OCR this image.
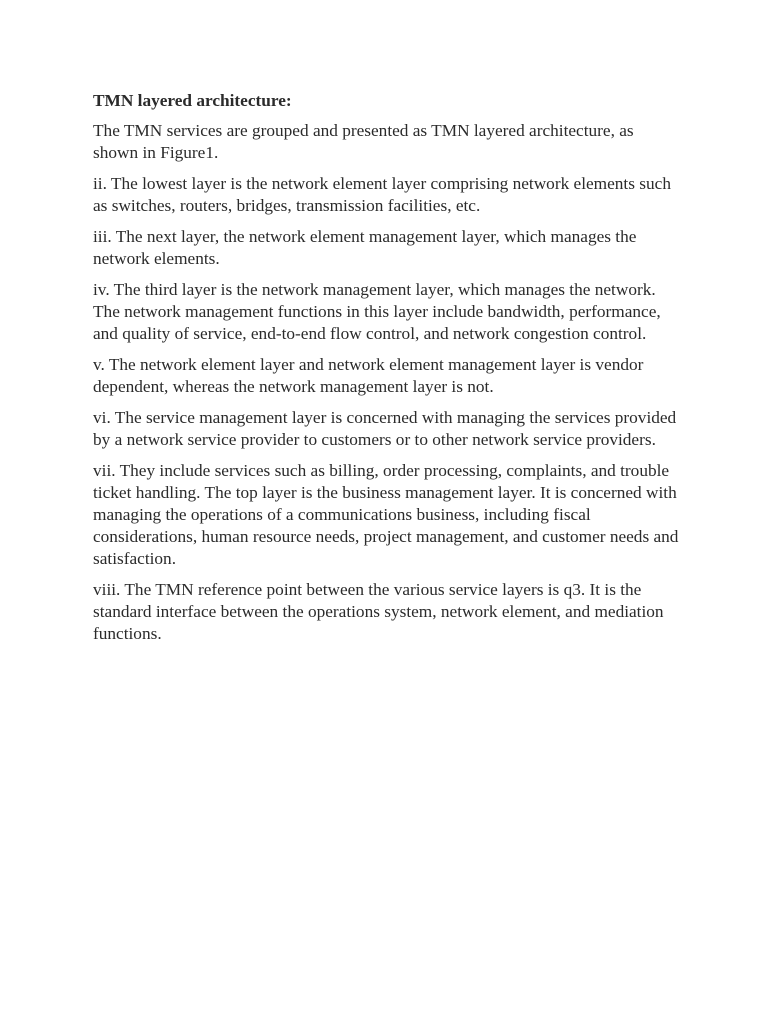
TMN layered architecture:

The TMN services are grouped and presented as TMN layered architecture, as shown in Figure1.

ii. The lowest layer is the network element layer comprising network elements such as switches, routers, bridges, transmission facilities, etc.

iii. The next layer, the network element management layer, which manages the network elements.

iv. The third layer is the network management layer, which manages the network. The network management functions in this layer include bandwidth, performance, and quality of service, end-to-end flow control, and network congestion control.

v. The network element layer and network element management layer is vendor dependent, whereas the network management layer is not.

vi. The service management layer is concerned with managing the services provided by a network service provider to customers or to other network service providers.

vii. They include services such as billing, order processing, complaints, and trouble ticket handling. The top layer is the business management layer. It is concerned with managing the operations of a communications business, including fiscal considerations, human resource needs, project management, and customer needs and satisfaction.

viii. The TMN reference point between the various service layers is q3. It is the standard interface between the operations system, network element, and mediation functions.
